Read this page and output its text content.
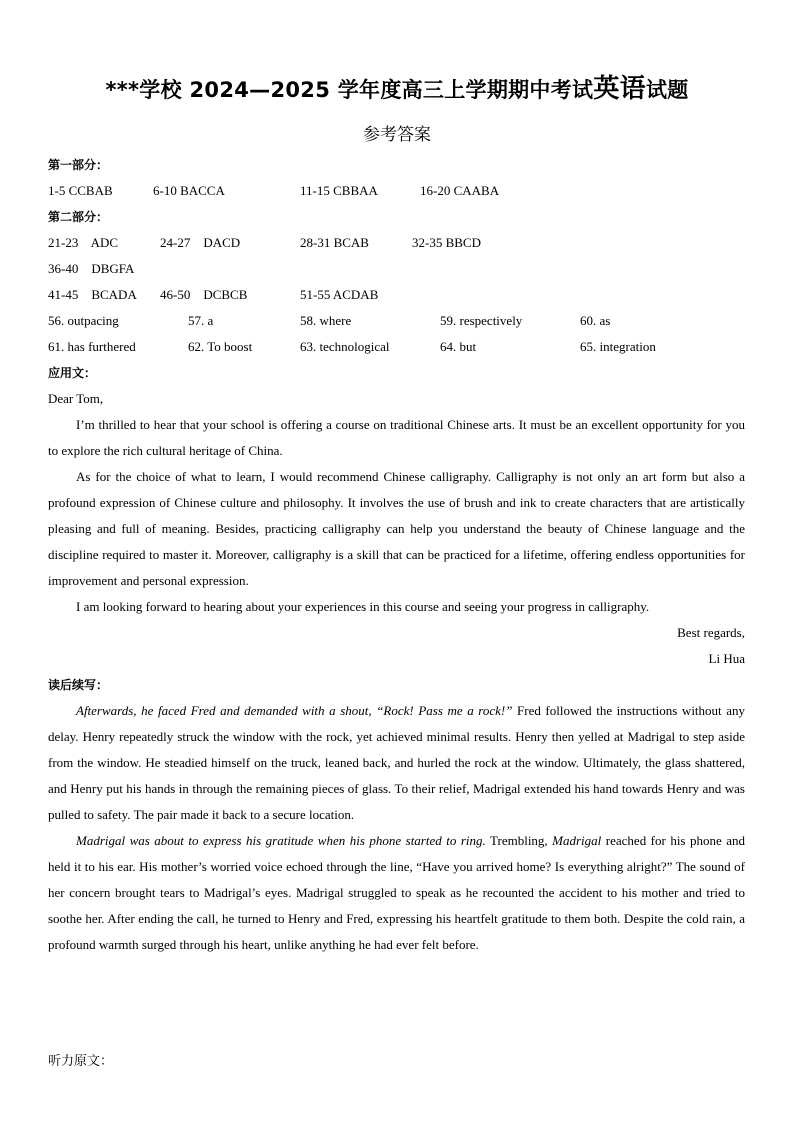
***学校 2024—2025 学年度高三上学期期中考试英语试题
参考答案
第一部分：
1-5 CCBAB	6-10 BACCA	11-15 CBBAA	16-20 CAABA
第二部分：
21-23    ADC	24-27    DACD	28-31 BCAB	32-35 BBCD
36-40    DBGFA
41-45    BCADA 46-50    DCBCB	51-55 ACDAB
56. outpacing	57. a	58. where	59. respectively	60. as
61. has furthered	62. To boost	63. technological	64. but	65. integration
应用文：
Dear Tom,

I’m thrilled to hear that your school is offering a course on traditional Chinese arts. It must be an excellent opportunity for you to explore the rich cultural heritage of China.

As for the choice of what to learn, I would recommend Chinese calligraphy. Calligraphy is not only an art form but also a profound expression of Chinese culture and philosophy. It involves the use of brush and ink to create characters that are artistically pleasing and full of meaning. Besides, practicing calligraphy can help you understand the beauty of Chinese language and the discipline required to master it. Moreover, calligraphy is a skill that can be practiced for a lifetime, offering endless opportunities for improvement and personal expression.

I am looking forward to hearing about your experiences in this course and seeing your progress in calligraphy.

Best regards,
Li Hua
读后续写：

Afterwards, he faced Fred and demanded with a shout, “Rock! Pass me a rock!” Fred followed the instructions without any delay. Henry repeatedly struck the window with the rock, yet achieved minimal results. Henry then yelled at Madrigal to step aside from the window. He steadied himself on the truck, leaned back, and hurled the rock at the window. Ultimately, the glass shattered, and Henry put his hands in through the remaining pieces of glass. To their relief, Madrigal extended his hand towards Henry and was pulled to safety. The pair made it back to a secure location.

Madrigal was about to express his gratitude when his phone started to ring. Trembling, Madrigal reached for his phone and held it to his ear. His mother’s worried voice echoed through the line, “Have you arrived home? Is everything alright?” The sound of her concern brought tears to Madrigal’s eyes. Madrigal struggled to speak as he recounted the accident to his mother and tried to soothe her. After ending the call, he turned to Henry and Fred, expressing his heartfelt gratitude to them both. Despite the cold rain, a profound warmth surged through his heart, unlike anything he had ever felt before.

听力原文：
